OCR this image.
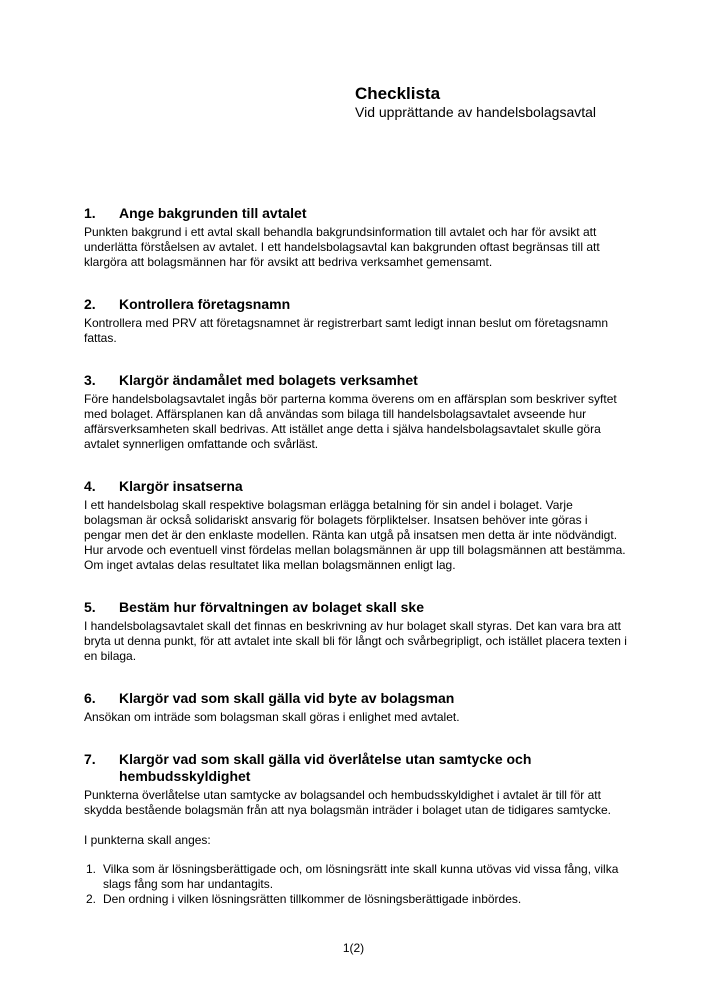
Checklista

Vid upprättande av handelsbolagsavtal

1.	Ange bakgrunden till avtalet

Punkten bakgrund i ett avtal skall behandla bakgrundsinformation till avtalet och har för avsikt att underlätta förståelsen av avtalet. I ett handelsbolagsavtal kan bakgrunden oftast begränsas till att klargöra att bolagsmännen har för avsikt att bedriva verksamhet gemensamt.

2.	Kontrollera företagsnamn

Kontrollera med PRV att företagsnamnet är registrerbart samt ledigt innan beslut om företagsnamn fattas.

3.	Klargör ändamålet med bolagets verksamhet

Före handelsbolagsavtalet ingås bör parterna komma överens om en affärsplan som beskriver syftet med bolaget. Affärsplanen kan då användas som bilaga till handelsbolagsavtalet avseende hur affärsverksamheten skall bedrivas. Att istället ange detta i själva handelsbolagsavtalet skulle göra avtalet synnerligen omfattande och svårläst.

4.	Klargör insatserna

I ett handelsbolag skall respektive bolagsman erlägga betalning för sin andel i bolaget. Varje bolagsman är också solidariskt ansvarig för bolagets förpliktelser. Insatsen behöver inte göras i pengar men det är den enklaste modellen. Ränta kan utgå på insatsen men detta är inte nödvändigt. Hur arvode och eventuell vinst fördelas mellan bolagsmännen är upp till bolagsmännen att bestämma. Om inget avtalas delas resultatet lika mellan bolagsmännen enligt lag.

5.	Bestäm hur förvaltningen av bolaget skall ske

I handelsbolagsavtalet skall det finnas en beskrivning av hur bolaget skall styras. Det kan vara bra att bryta ut denna punkt, för att avtalet inte skall bli för långt och svårbegripligt, och istället placera texten i en bilaga.

6.	Klargör vad som skall gälla vid byte av bolagsman

Ansökan om inträde som bolagsman skall göras i enlighet med avtalet.

7.	Klargör vad som skall gälla vid överlåtelse utan samtycke och hembudsskyldighet

Punkterna överlåtelse utan samtycke av bolagsandel och hembudsskyldighet i avtalet är till för att skydda bestående bolagsmän från att nya bolagsmän inträder i bolaget utan de tidigares samtycke.

I punkterna skall anges:

1. Vilka som är lösningsberättigade och, om lösningsrätt inte skall kunna utövas vid vissa fång, vilka slags fång som har undantagits.
2. Den ordning i vilken lösningsrätten tillkommer de lösningsberättigade inbördes.
1(2)
